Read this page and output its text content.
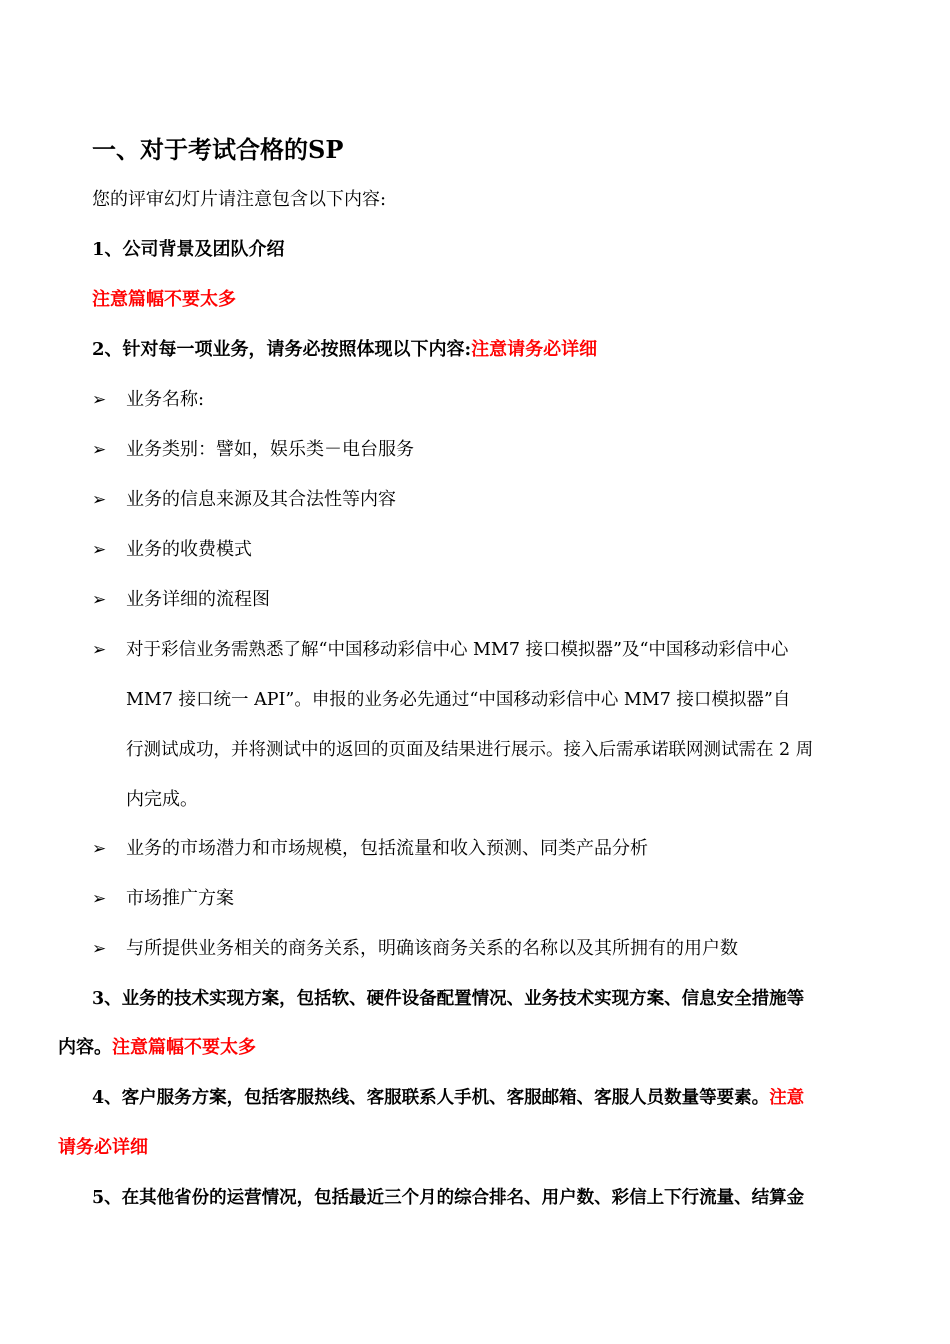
一、对于考试合格的SP
您的评审幻灯片请注意包含以下内容:
1、公司背景及团队介绍
注意篇幅不要太多
2、针对每一项业务，请务必按照体现以下内容:注意请务必详细
➢ 业务名称:
➢ 业务类别：譬如，娱乐类－电台服务
➢ 业务的信息来源及其合法性等内容
➢ 业务的收费模式
➢ 业务详细的流程图
➢ 对于彩信业务需熟悉了解“中国移动彩信中心 MM7 接口模拟器”及“中国移动彩信中心
MM7 接口统一 API”。申报的业务必先通过“中国移动彩信中心 MM7 接口模拟器”自
行测试成功，并将测试中的返回的页面及结果进行展示。接入后需承诺联网测试需在 2 周
内完成。
➢ 业务的市场潜力和市场规模，包括流量和收入预测、同类产品分析
➢ 市场推广方案
➢ 与所提供业务相关的商务关系，明确该商务关系的名称以及其所拥有的用户数
3、业务的技术实现方案，包括软、硬件设备配置情况、业务技术实现方案、信息安全措施等
内容。注意篇幅不要太多
4、客户服务方案，包括客服热线、客服联系人手机、客服邮箱、客服人员数量等要素。注意
请务必详细
5、在其他省份的运营情况，包括最近三个月的综合排名、用户数、彩信上下行流量、结算金
